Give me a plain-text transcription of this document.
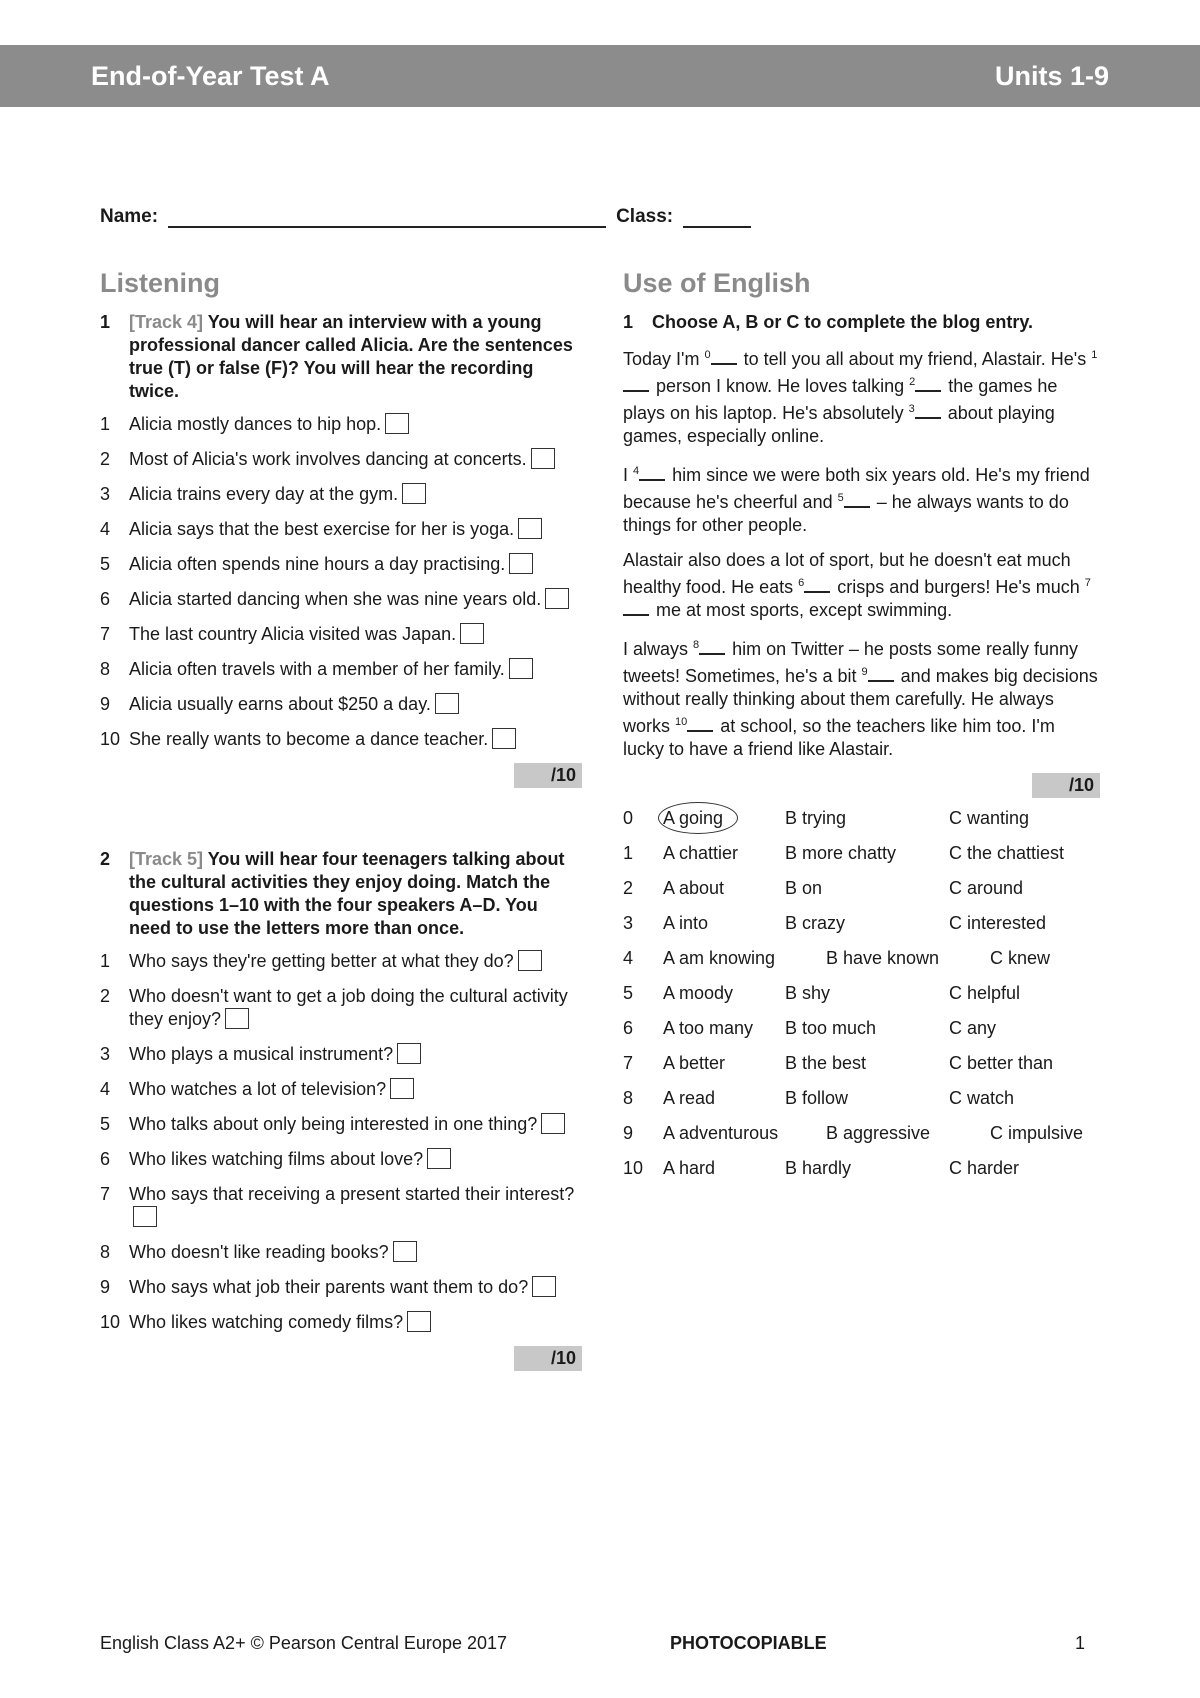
End-of-Year Test A	Units 1-9
Name:	Class:
Listening
1	[Track 4] You will hear an interview with a young professional dancer called Alicia. Are the sentences true (T) or false (F)? You will hear the recording twice.
1	Alicia mostly dances to hip hop.
2	Most of Alicia's work involves dancing at concerts.
3	Alicia trains every day at the gym.
4	Alicia says that the best exercise for her is yoga.
5	Alicia often spends nine hours a day practising.
6	Alicia started dancing when she was nine years old.
7	The last country Alicia visited was Japan.
8	Alicia often travels with a member of her family.
9	Alicia usually earns about $250 a day.
10 She really wants to become a dance teacher.
/10
2	[Track 5] You will hear four teenagers talking about the cultural activities they enjoy doing. Match the questions 1–10 with the four speakers A–D. You need to use the letters more than once.
1	Who says they're getting better at what they do?
2	Who doesn't want to get a job doing the cultural activity they enjoy?
3	Who plays a musical instrument?
4	Who watches a lot of television?
5	Who talks about only being interested in one thing?
6	Who likes watching films about love?
7	Who says that receiving a present started their interest?
8	Who doesn't like reading books?
9	Who says what job their parents want them to do?
10 Who likes watching comedy films?
/10
Use of English
1	Choose A, B or C to complete the blog entry.

Today I'm $^0$ to tell you all about my friend, Alastair. He's $^1$ person I know. He loves talking $^2$ the games he plays on his laptop. He's absolutely $^3$ about playing games, especially online.

I $^4$ him since we were both six years old. He's my friend because he's cheerful and $^5$ – he always wants to do things for other people.

Alastair also does a lot of sport, but he doesn't eat much healthy food. He eats $^6$ crisps and burgers! He's much $^7$ me at most sports, except swimming.

I always $^8$ him on Twitter – he posts some really funny tweets! Sometimes, he's a bit $^9$ and makes big decisions without really thinking about them carefully. He always works $^{10}$ at school, so the teachers like him too. I'm lucky to have a friend like Alastair.

/10
0 A going	B trying	C wanting
1 A chattier	B more chatty	C the chattiest
2 A about	B on	C around
3 A into	B crazy	C interested
4 A am knowing	B have known	C knew
5 A moody	B shy	C helpful
6 A too many B too much	C any
7 A better	B the best	C better than
8 A read	B follow	C watch
9 A adventurous	B aggressive	C impulsive
10 A hard	B hardly	C harder
English Class A2+ © Pearson Central Europe 2017	PHOTOCOPIABLE	1
